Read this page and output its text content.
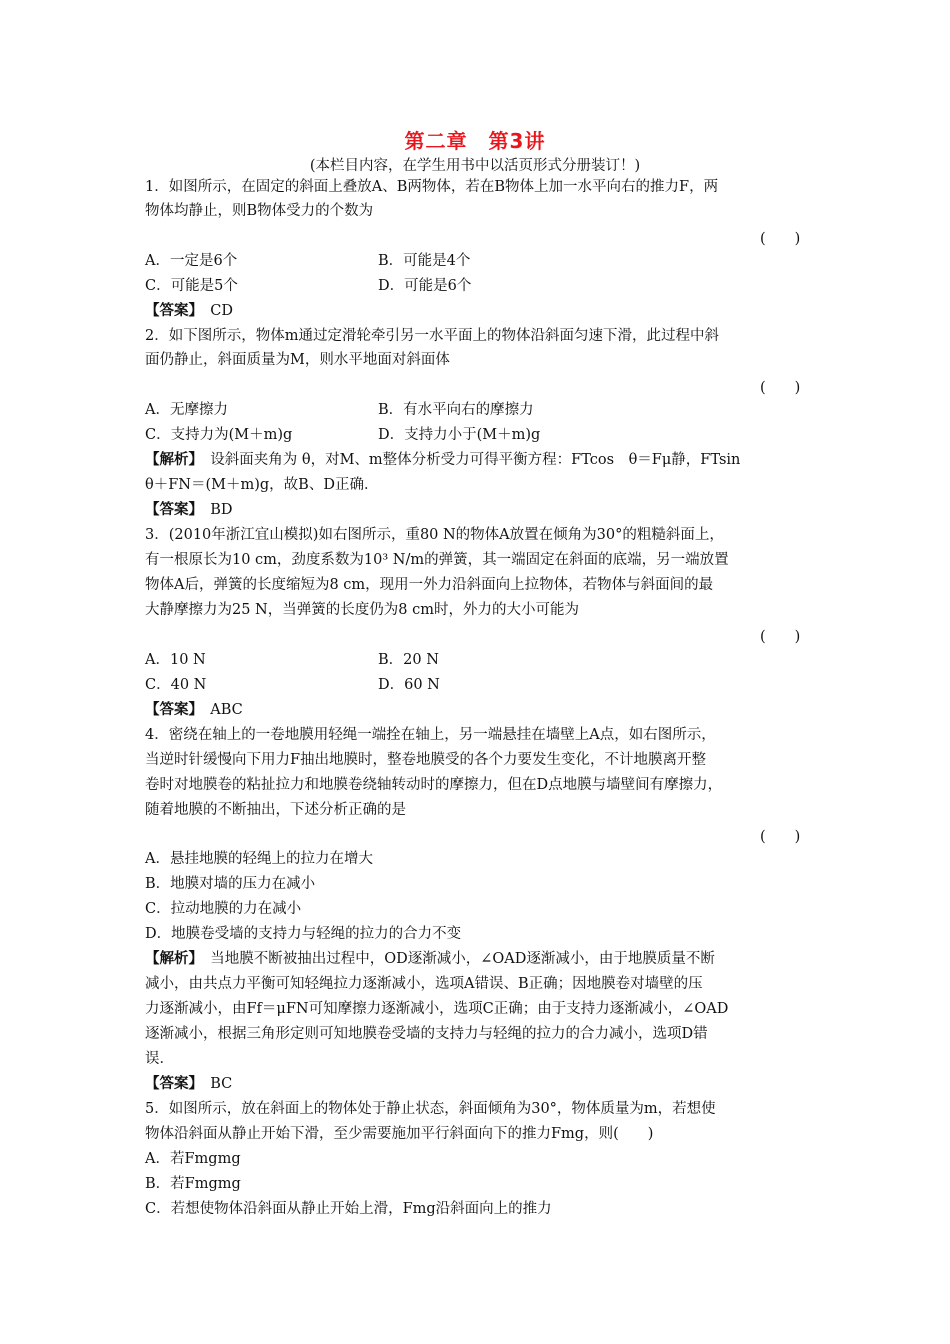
第二章　第3讲
(本栏目内容，在学生用书中以活页形式分册装订！)
1．如图所示，在固定的斜面上叠放A、B两物体，若在B物体上加一水平向右的推力F，两
物体均静止，则B物体受力的个数为
(　　)
A．一定是6个	B．可能是4个
C．可能是5个	D．可能是6个
【答案】　 CD
2．如下图所示，物体m通过定滑轮牵引另一水平面上的物体沿斜面匀速下滑，此过程中斜
面仍静止，斜面质量为M，则水平地面对斜面体
(　　)
A．无摩擦力	B．有水平向右的摩擦力
C．支持力为(M＋m)g	D．支持力小于(M＋m)g
【解析】　 设斜面夹角为 θ，对M、m整体分析受力可得平衡方程：FTcos　θ＝Fμ静，FTsin
θ＋FN＝(M＋m)g，故B、D正确．
【答案】　 BD
3．(2010年浙江宜山模拟)如右图所示，重80 N的物体A放置在倾角为30°的粗糙斜面上，
有一根原长为10 cm，劲度系数为10³ N/m的弹簧，其一端固定在斜面的底端，另一端放置
物体A后，弹簧的长度缩短为8 cm，现用一外力沿斜面向上拉物体，若物体与斜面间的最
大静摩擦力为25 N，当弹簧的长度仍为8 cm时，外力的大小可能为
(　　)
A．10 N	B．20 N
C．40 N	D．60 N
【答案】　 ABC
4．密绕在轴上的一卷地膜用轻绳一端拴在轴上，另一端悬挂在墙壁上A点，如右图所示，
当逆时针缓慢向下用力F抽出地膜时，整卷地膜受的各个力要发生变化，不计地膜离开整
卷时对地膜卷的粘扯拉力和地膜卷绕轴转动时的摩擦力，但在D点地膜与墙壁间有摩擦力，
随着地膜的不断抽出，下述分析正确的是
(　　)
A．悬挂地膜的轻绳上的拉力在增大
B．地膜对墙的压力在减小
C．拉动地膜的力在减小
D．地膜卷受墙的支持力与轻绳的拉力的合力不变
【解析】　 当地膜不断被抽出过程中，OD逐渐减小，∠OAD逐渐减小，由于地膜质量不断
减小，由共点力平衡可知轻绳拉力逐渐减小，选项A错误、B正确；因地膜卷对墙壁的压
力逐渐减小，由Ff＝μFN可知摩擦力逐渐减小，选项C正确；由于支持力逐渐减小，∠OAD
逐渐减小，根据三角形定则可知地膜卷受墙的支持力与轻绳的拉力的合力减小，选项D错
误．
【答案】　 BC
5．如图所示，放在斜面上的物体处于静止状态，斜面倾角为30°，物体质量为m，若想使
物体沿斜面从静止开始下滑，至少需要施加平行斜面向下的推力Fmg，则(　　)
A．若Fmgmg
B．若Fmgmg
C．若想使物体沿斜面从静止开始上滑，Fmg沿斜面向上的推力
